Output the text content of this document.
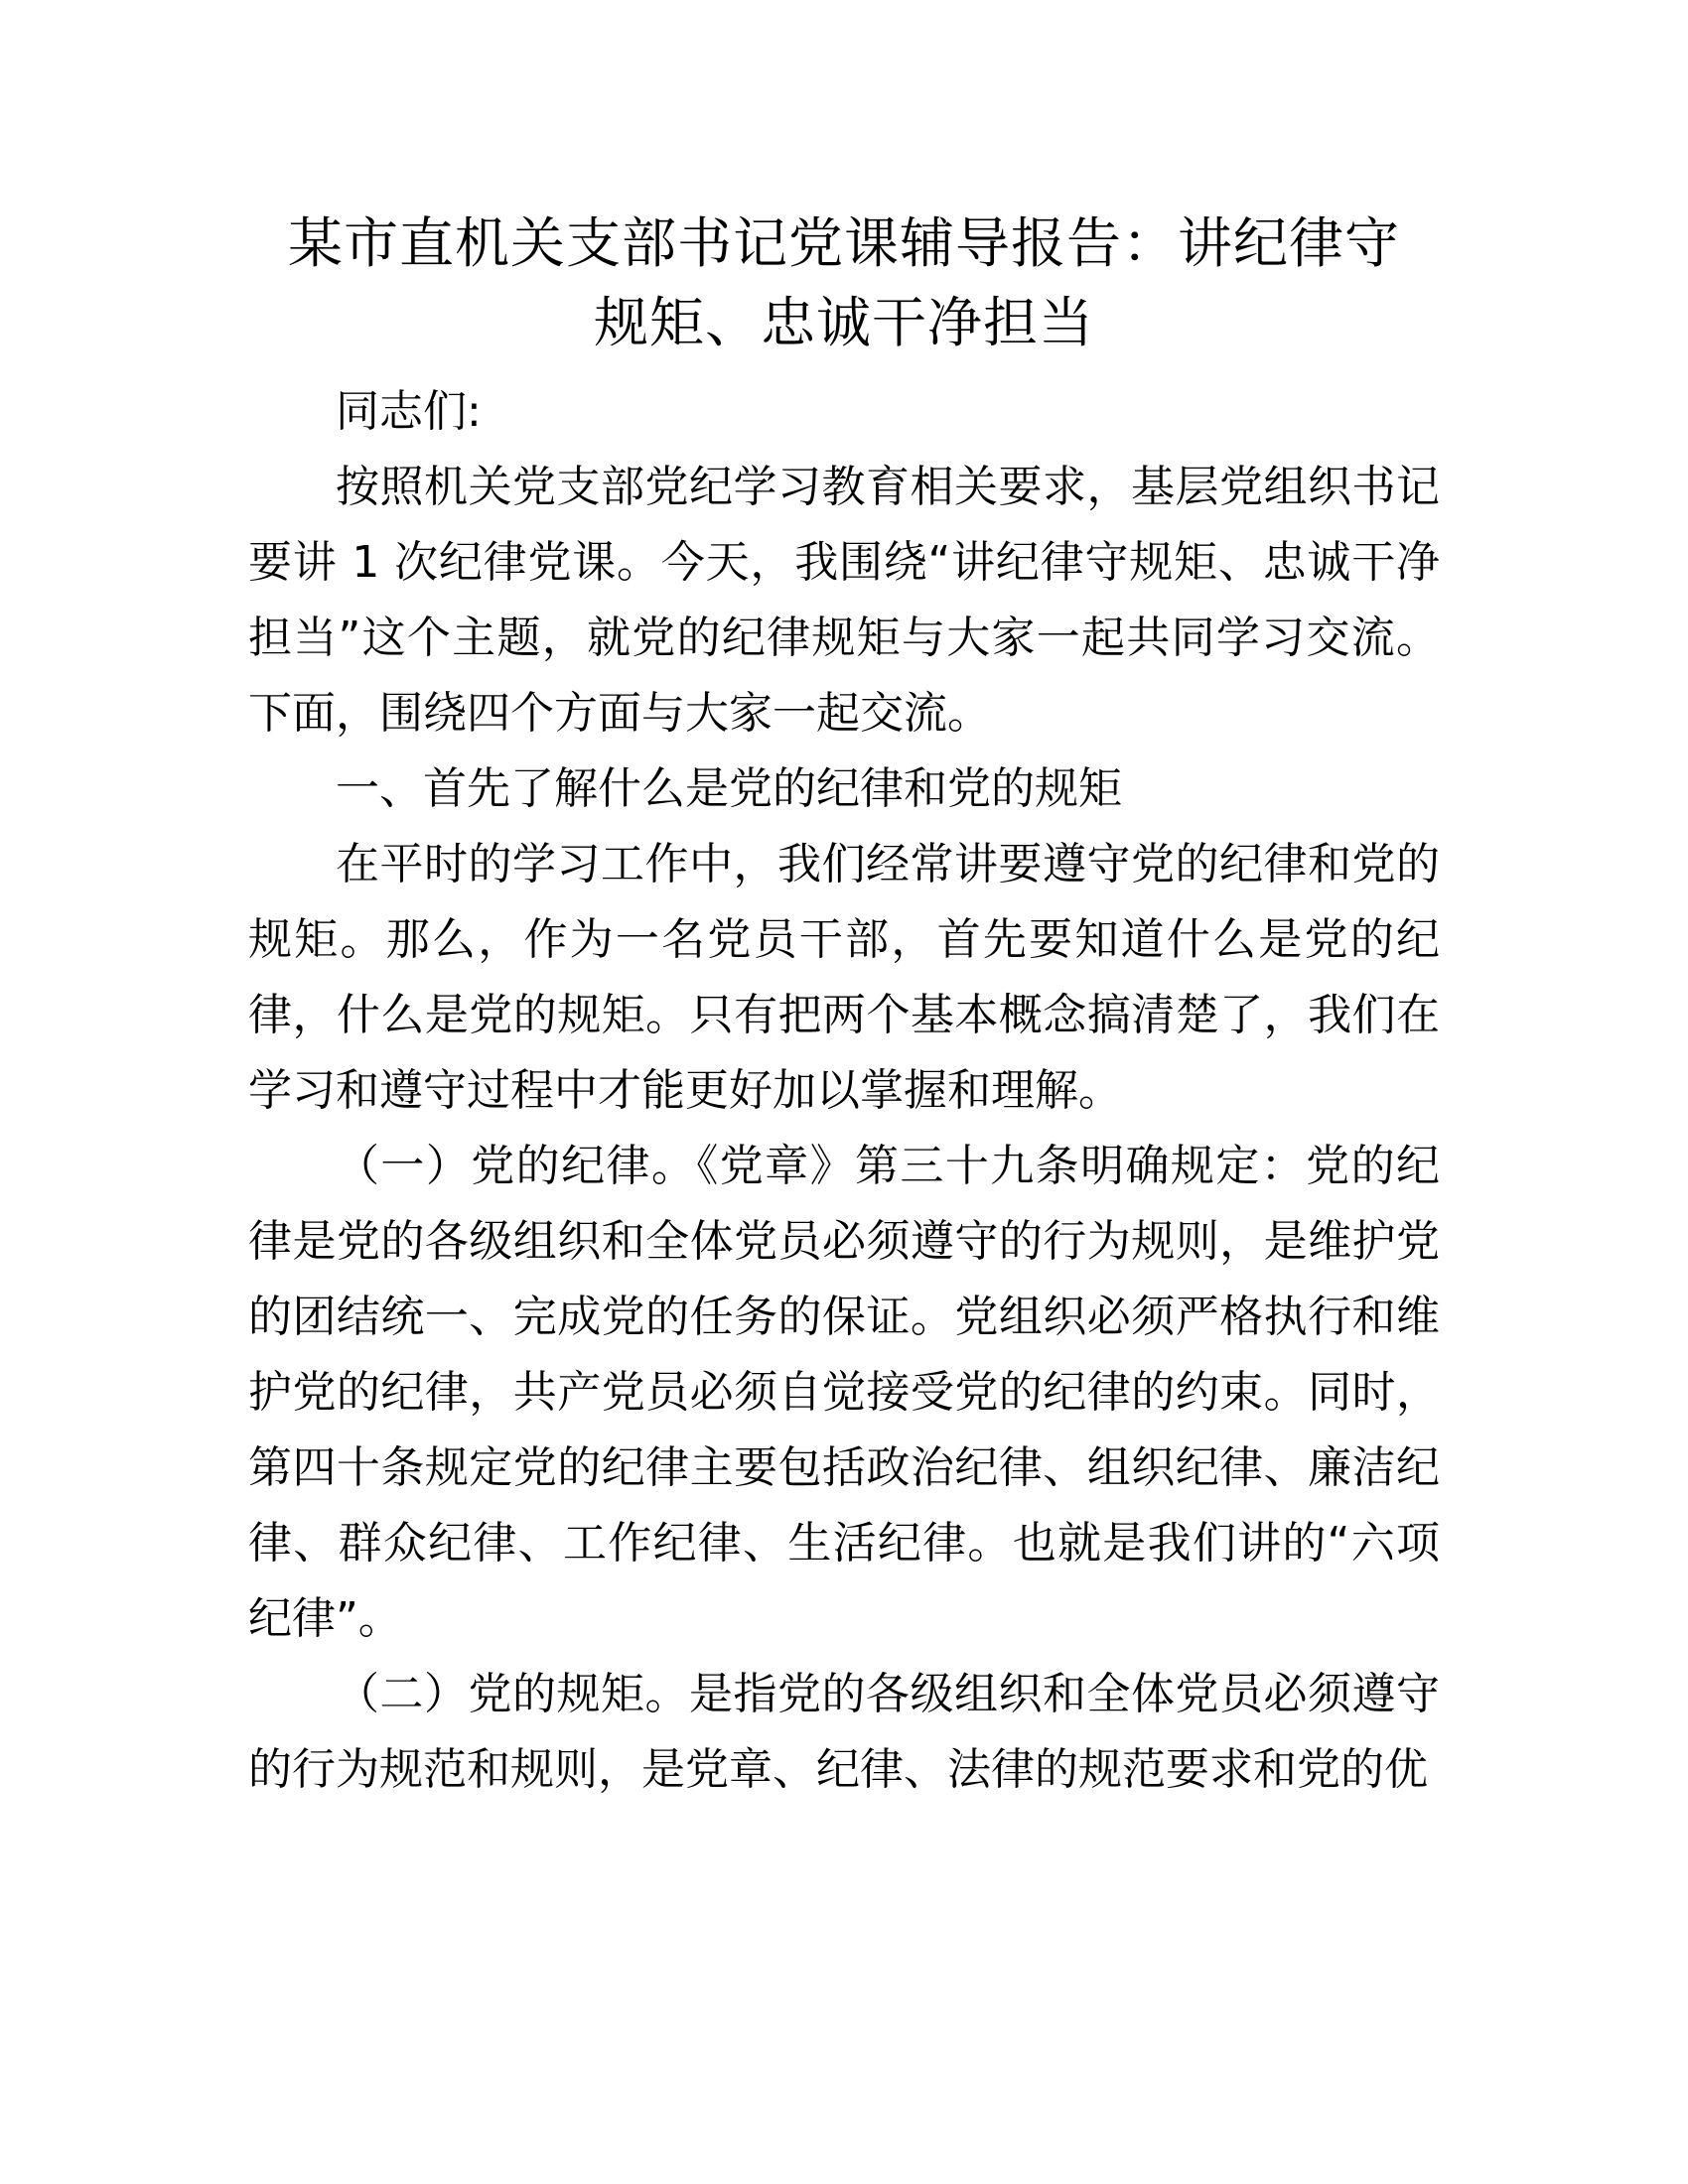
某市直机关支部书记党课辅导报告：讲纪律守
规矩、忠诚干净担当

同志们:

按照机关党支部党纪学习教育相关要求，基层党组织书记要讲 1 次纪律党课。今天，我围绕“讲纪律守规矩、忠诚干净担当”这个主题，就党的纪律规矩与大家一起共同学习交流。下面，围绕四个方面与大家一起交流。

一、首先了解什么是党的纪律和党的规矩

在平时的学习工作中，我们经常讲要遵守党的纪律和党的规矩。那么，作为一名党员干部，首先要知道什么是党的纪律，什么是党的规矩。只有把两个基本概念搞清楚了，我们在学习和遵守过程中才能更好加以掌握和理解。

（一）党的纪律。《党章》第三十九条明确规定：党的纪律是党的各级组织和全体党员必须遵守的行为规则，是维护党的团结统一、完成党的任务的保证。党组织必须严格执行和维护党的纪律，共产党员必须自觉接受党的纪律的约束。同时，第四十条规定党的纪律主要包括政治纪律、组织纪律、廉洁纪律、群众纪律、工作纪律、生活纪律。也就是我们讲的“六项纪律”。

（二）党的规矩。是指党的各级组织和全体党员必须遵守的行为规范和规则，是党章、纪律、法律的规范要求和党的优
